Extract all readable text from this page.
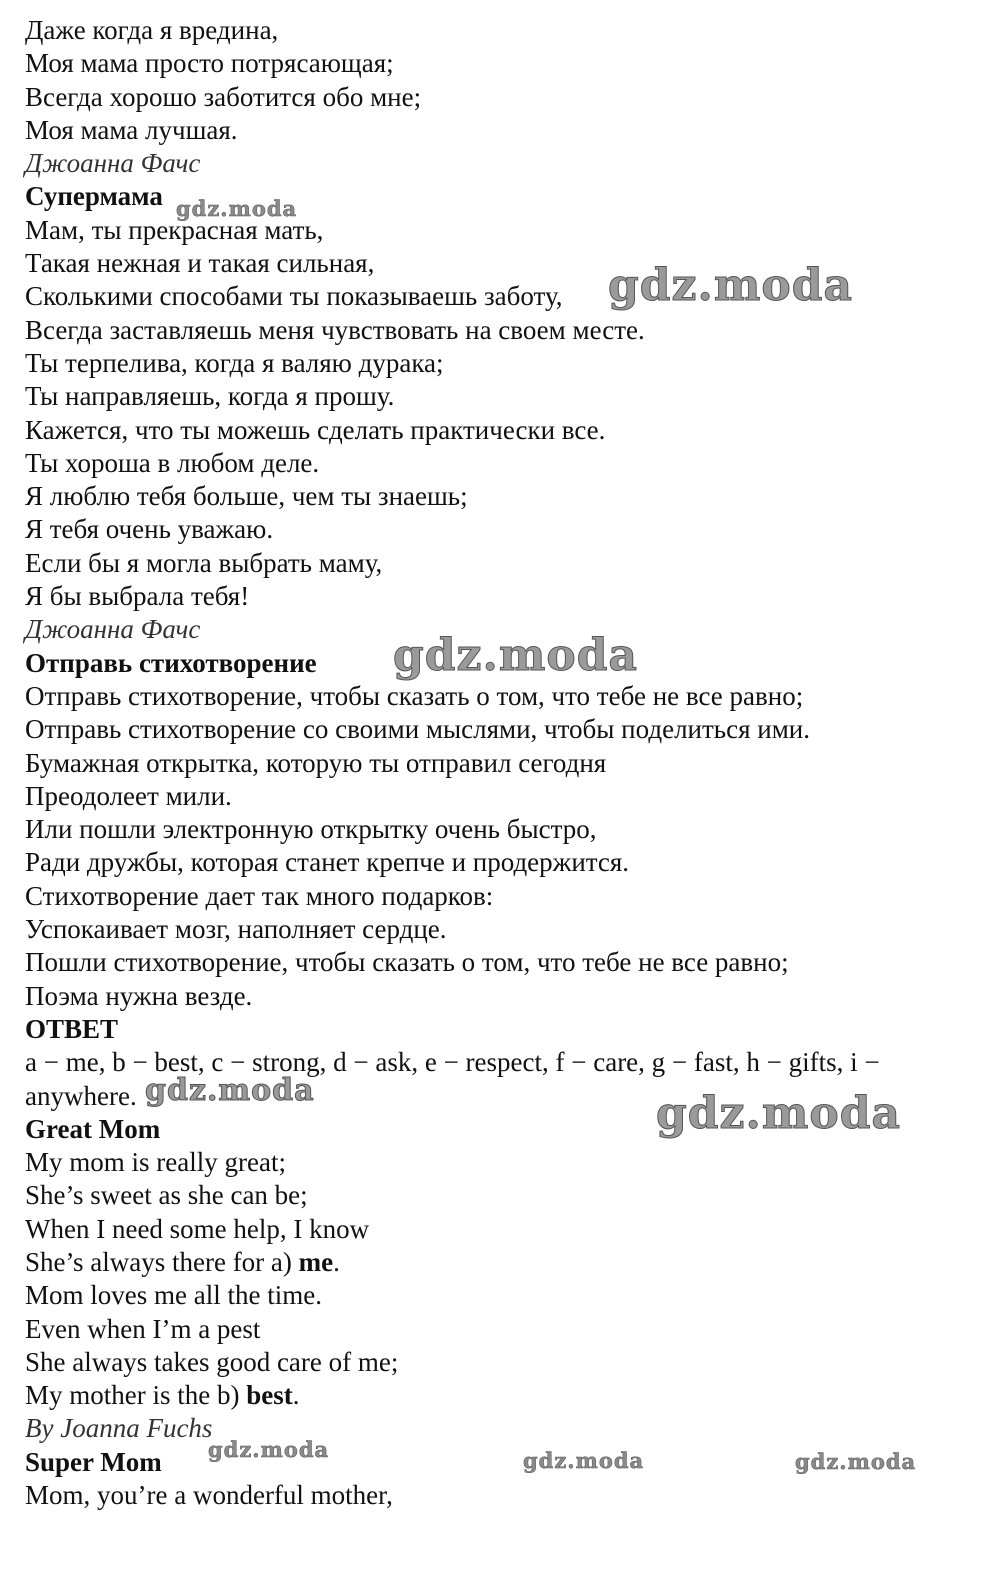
Даже когда я вредина,
Моя мама просто потрясающая;
Всегда хорошо заботится обо мне;
Моя мама лучшая.
Джоанна Фачс
Супермама
Мам, ты прекрасная мать,
Такая нежная и такая сильная,
Сколькими способами ты показываешь заботу,
Всегда заставляешь меня чувствовать на своем месте.
Ты терпелива, когда я валяю дурака;
Ты направляешь, когда я прошу.
Кажется, что ты можешь сделать практически все.
Ты хороша в любом деле.
Я люблю тебя больше, чем ты знаешь;
Я тебя очень уважаю.
Если бы я могла выбрать маму,
Я бы выбрала тебя!
Джоанна Фачс
Отправь стихотворение
Отправь стихотворение, чтобы сказать о том, что тебе не все равно;
Отправь стихотворение со своими мыслями, чтобы поделиться ими.
Бумажная открытка, которую ты отправил сегодня
Преодолеет мили.
Или пошли электронную открытку очень быстро,
Ради дружбы, которая станет крепче и продержится.
Стихотворение дает так много подарков:
Успокаивает мозг, наполняет сердце.
Пошли стихотворение, чтобы сказать о том, что тебе не все равно;
Поэма нужна везде.
ОТВЕТ
a − me, b − best, c − strong, d − ask, e − respect, f − care, g − fast, h − gifts, i −
anywhere.
Great Mom
My mom is really great;
She’s sweet as she can be;
When I need some help, I know
She’s always there for a) me.
Mom loves me all the time.
Even when I’m a pest
She always takes good care of me;
My mother is the b) best.
By Joanna Fuchs
Super Mom
Mom, you’re a wonderful mother,
gdz.moda
gdz.moda
gdz.moda
gdz.moda	gdz.moda
gdz.moda	gdz.moda	gdz.moda
